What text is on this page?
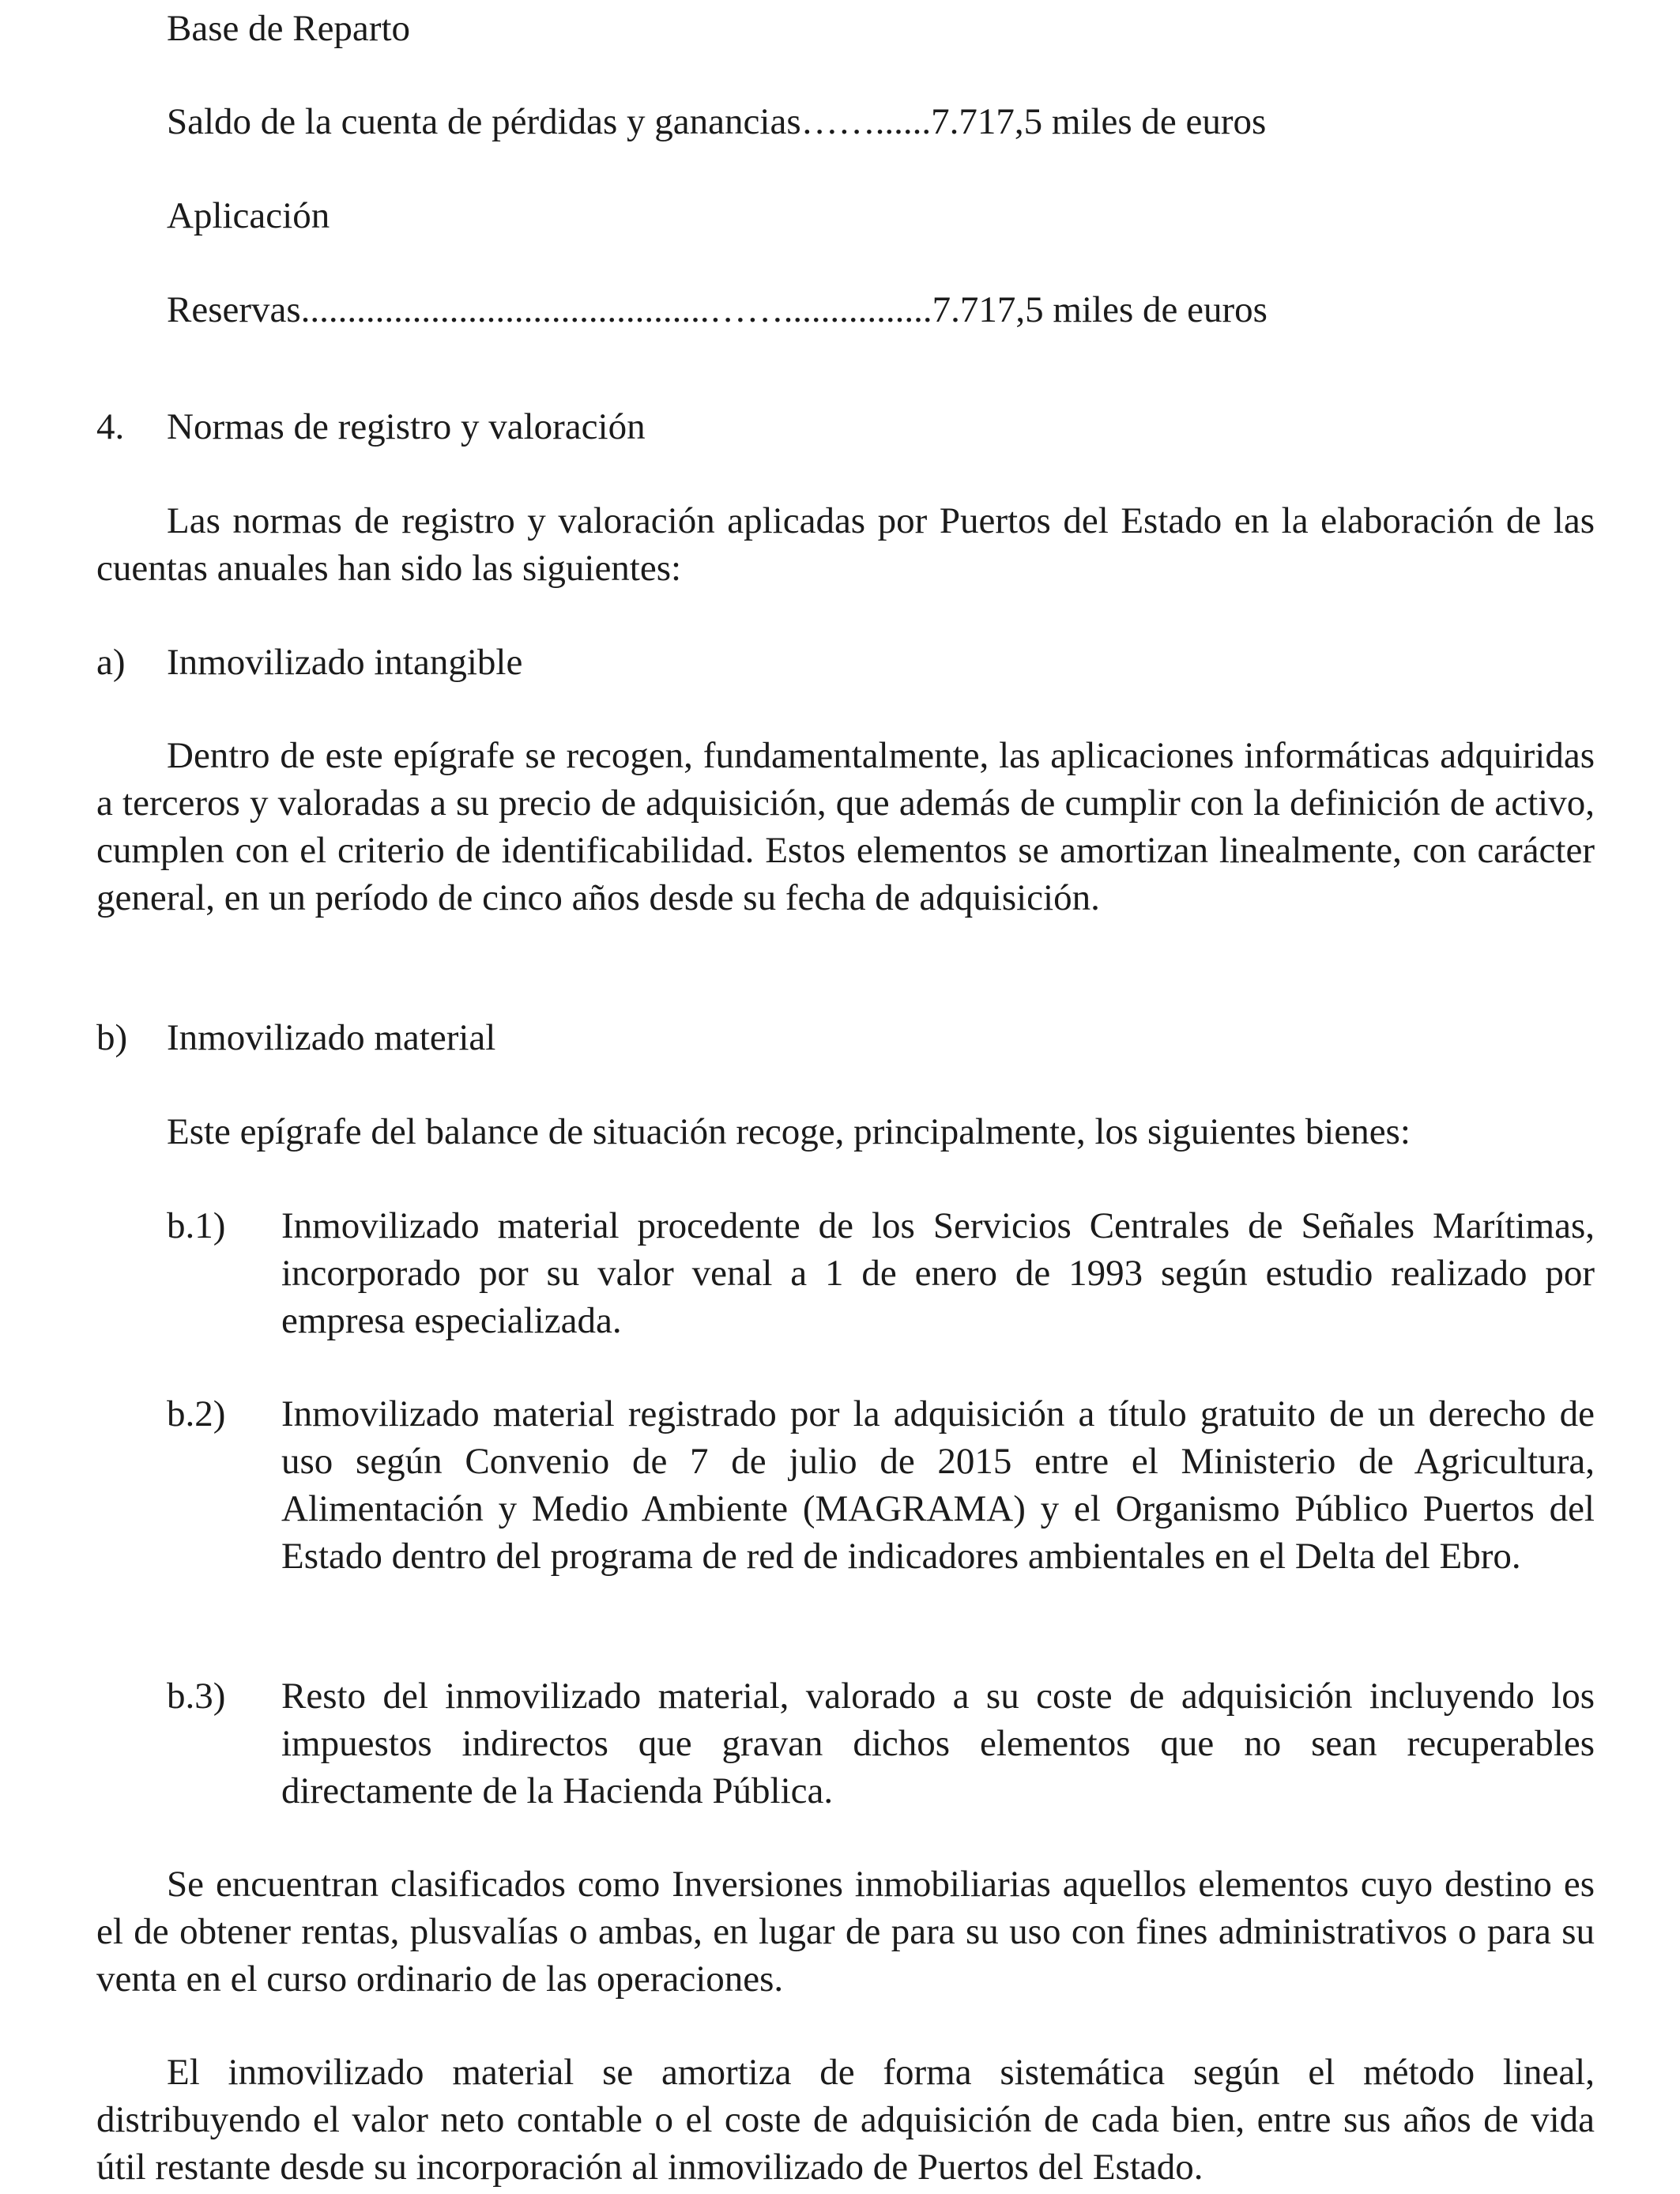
Base de Reparto
Saldo de la cuenta de pérdidas y ganancias……......7.717,5 miles de euros
Aplicación
Reservas............................................……................7.717,5 miles de euros
4. Normas de registro y valoración
Las normas de registro y valoración aplicadas por Puertos del Estado en la elaboración de las cuentas anuales han sido las siguientes:
a) Inmovilizado intangible
Dentro de este epígrafe se recogen, fundamentalmente, las aplicaciones informáticas adquiridas a terceros y valoradas a su precio de adquisición, que además de cumplir con la definición de activo, cumplen con el criterio de identificabilidad. Estos elementos se amortizan linealmente, con carácter general, en un período de cinco años desde su fecha de adquisición.
b) Inmovilizado material
Este epígrafe del balance de situación recoge, principalmente, los siguientes bienes:
b.1) Inmovilizado material procedente de los Servicios Centrales de Señales Marítimas, incorporado por su valor venal a 1 de enero de 1993 según estudio realizado por empresa especializada.
b.2) Inmovilizado material registrado por la adquisición a título gratuito de un derecho de uso según Convenio de 7 de julio de 2015 entre el Ministerio de Agricultura, Alimentación y Medio Ambiente (MAGRAMA) y el Organismo Público Puertos del Estado dentro del programa de red de indicadores ambientales en el Delta del Ebro.
b.3) Resto del inmovilizado material, valorado a su coste de adquisición incluyendo los impuestos indirectos que gravan dichos elementos que no sean recuperables directamente de la Hacienda Pública.
Se encuentran clasificados como Inversiones inmobiliarias aquellos elementos cuyo destino es el de obtener rentas, plusvalías o ambas, en lugar de para su uso con fines administrativos o para su venta en el curso ordinario de las operaciones.
El inmovilizado material se amortiza de forma sistemática según el método lineal, distribuyendo el valor neto contable o el coste de adquisición de cada bien, entre sus años de vida útil restante desde su incorporación al inmovilizado de Puertos del Estado.
